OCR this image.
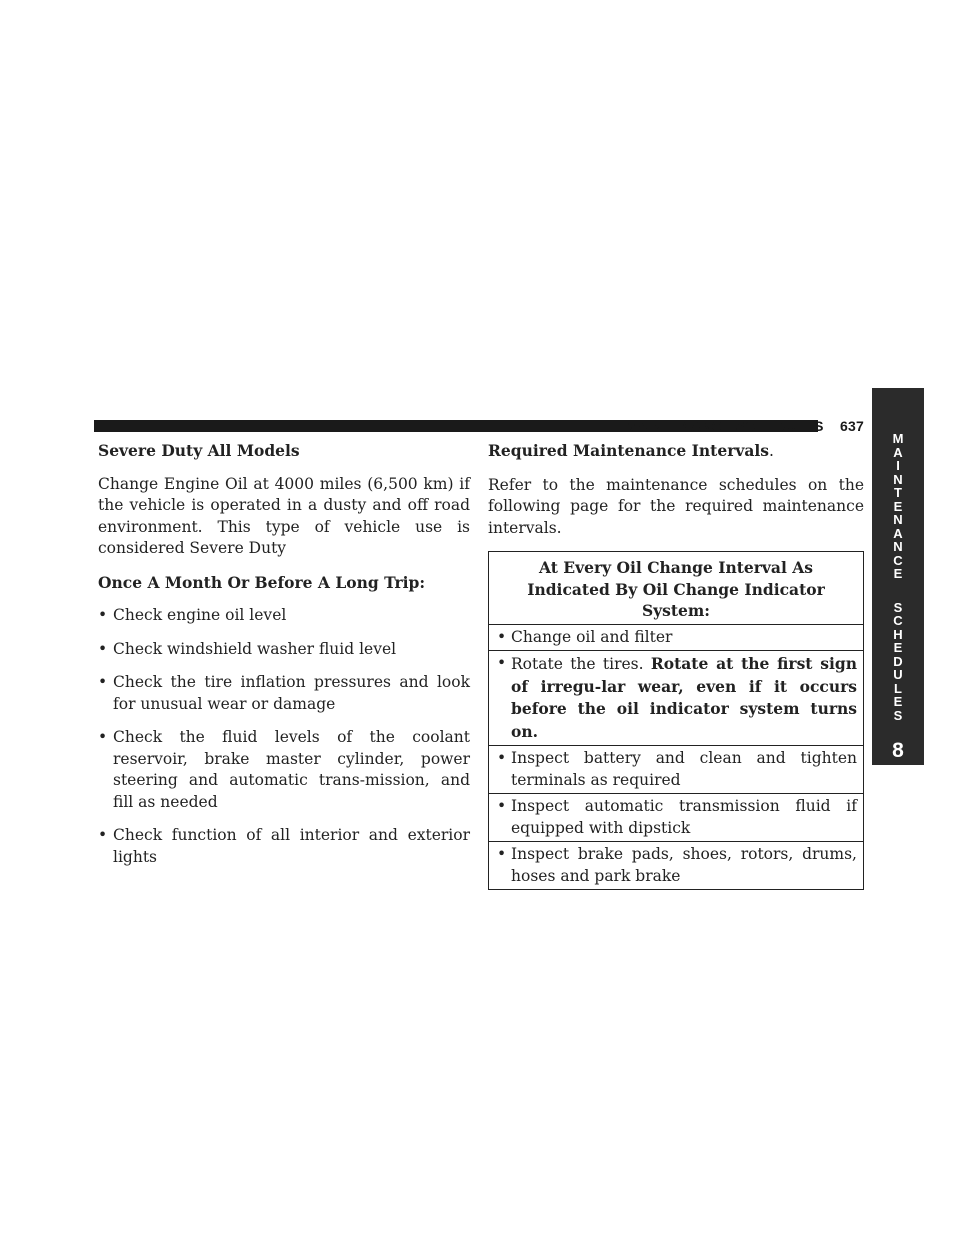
MAINTENANCE SCHEDULES 637
M
A
I
N
T
E
N
A
N
C
E
S
C
H
E
D
U
L
E
S
8

Severe Duty All Models

Change Engine Oil at 4000 miles (6,500 km) if the vehicle is operated in a dusty and off road environment. This type of vehicle use is considered Severe Duty

Once A Month Or Before A Long Trip:

• Check engine oil level
• Check windshield washer fluid level
• Check the tire inflation pressures and look for unusual wear or damage
• Check the fluid levels of the coolant reservoir, brake master cylinder, power steering and automatic trans-mission, and fill as needed
• Check function of all interior and exterior lights

Required Maintenance Intervals.

Refer to the maintenance schedules on the following page for the required maintenance intervals.

At Every Oil Change Interval As Indicated By Oil Change Indicator System:
• Change oil and filter
• Rotate the tires. Rotate at the first sign of irregu-lar wear, even if it occurs before the oil indicator system turns on.
• Inspect battery and clean and tighten terminals as required
• Inspect automatic transmission fluid if equipped with dipstick
• Inspect brake pads, shoes, rotors, drums, hoses and park brake
